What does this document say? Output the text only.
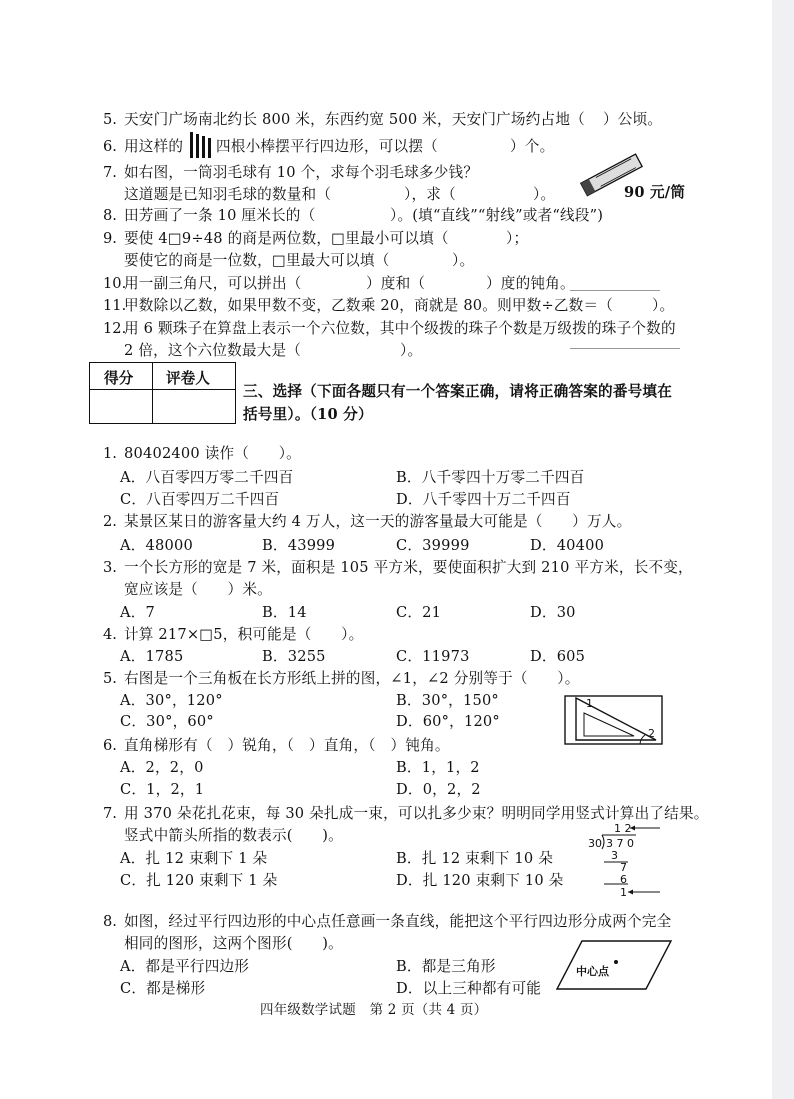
5. 天安门广场南北约长 800 米，东西约宽 500 米，天安门广场约占地（ ）公顷。
6. 用这样的 四根小棒摆平行四边形，可以摆（	）个。
7. 如右图，一筒羽毛球有 10 个，求每个羽毛球多少钱？
这道题是已知羽毛球的数量和（	），求（	）。	90 元/筒
8. 田芳画了一条 10 厘米长的（	）。(填“直线”“射线”或者“线段”)
9. 要使 4□9÷48 的商是两位数，□里最小可以填（	）；
要使它的商是一位数，□里最大可以填（	）。
10.
用一副三角尺，可以拼出（	）度和（	）度的钝角。
11.
甲数除以乙数，如果甲数不变，乙数乘 20，商就是 80。则甲数÷乙数＝（	）。
12.
用 6 颗珠子在算盘上表示一个六位数，其中个级拨的珠子个数是万级拨的珠子个数的
2 倍，这个六位数最大是（	）。
得分 评卷人
三、选择（下面各题只有一个答案正确，请将正确答案的番号填在
括号里）。（10 分）
1. 80402400 读作（　　）。
A．八百零四万零二千四百	B．八千零四十万零二千四百
C．八百零四万二千四百	D．八千零四十万二千四百
2. 某景区某日的游客量大约 4 万人，这一天的游客量最大可能是（　　）万人。
A．48000	B．43999	C．39999	D．40400
3. 一个长方形的宽是 7 米，面积是 105 平方米，要使面积扩大到 210 平方米，长不变，
宽应该是（　　）米。
A．7	B．14	C．21	D．30
4. 计算 217×□5，积可能是（　　）。
A．1785	B．3255	C．11973	D．605
5. 右图是一个三角板在长方形纸上拼的图，∠1，∠2 分别等于（　　）。
A．30°，120°	B．30°，150°
C．30°，60°	D．60°，120°
1
2
6. 直角梯形有（　）锐角，（　）直角，（　）钝角。
A．2，2，0	B．1，1，2
C．1，2，1	D．0，2，2
7. 用 370 朵花扎花束，每 30 朵扎成一束，可以扎多少束？明明同学用竖式计算出了结果。
竖式中箭头所指的数表示(　　)。
A．扎 12 束剩下 1 朵	B．扎 12 束剩下 10 朵
C．扎 120 束剩下 1 朵	D．扎 120 束剩下 10 朵
1 2
30 3 7 0
3
7
6
1
8. 如图，经过平行四边形的中心点任意画一条直线，能把这个平行四边形分成两个完全
相同的图形，这两个图形(　　)。
A．都是平行四边形	B．都是三角形
C．都是梯形	D．以上三种都有可能
中心点
四年级数学试题　第 2 页（共 4 页）
